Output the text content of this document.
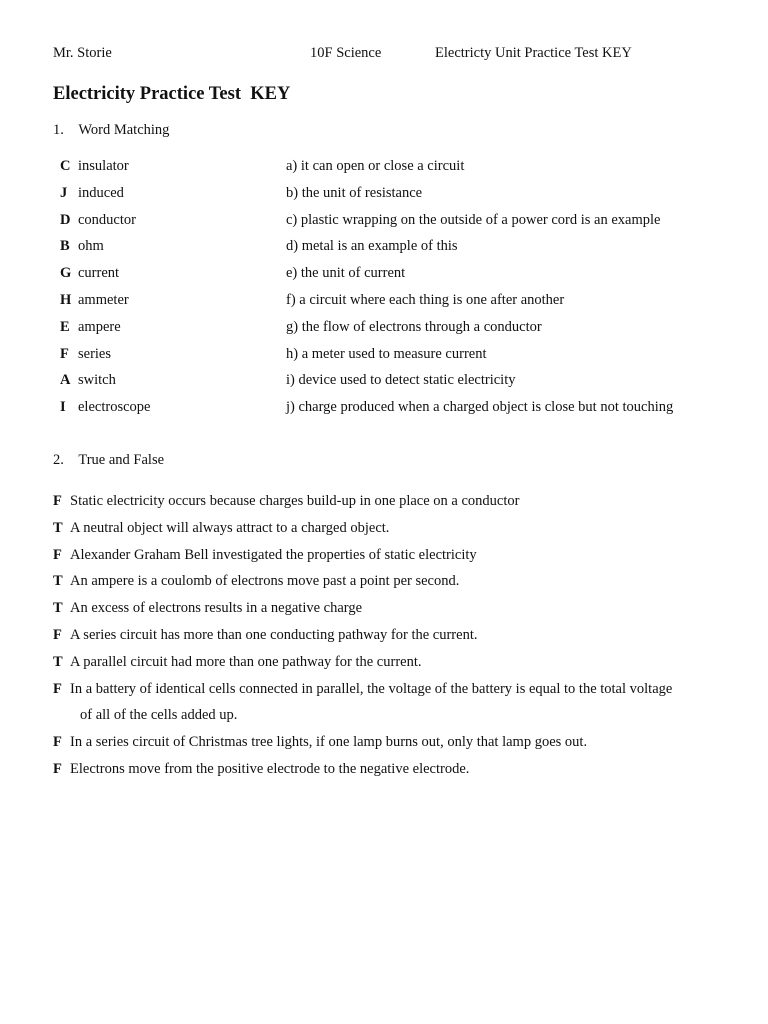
Mr. Storie	10F Science	Electricty Unit Practice Test KEY
Electricity Practice Test  KEY
1. Word Matching
C insulator	a) it can open or close a circuit
J induced	b) the unit of resistance
D conductor	c) plastic wrapping on the outside of a power cord is an example
B ohm	d) metal is an example of this
G current	e) the unit of current
H ammeter	f) a circuit where each thing is one after another
E ampere	g) the flow of electrons through a conductor
F series	h) a meter used to measure current
A switch	i) device used to detect static electricity
I electroscope	j) charge produced when a charged object is close but not touching
2. True and False
F Static electricity occurs because charges build-up in one place on a conductor
T A neutral object will always attract to a charged object.
F Alexander Graham Bell investigated the properties of static electricity
T An ampere is a coulomb of electrons move past a point per second.
T An excess of electrons results in a negative charge
F A series circuit has more than one conducting pathway for the current.
T A parallel circuit had more than one pathway for the current.
F In a battery of identical cells connected in parallel, the voltage of the battery is equal to the total voltage
of all of the cells added up.
F In a series circuit of Christmas tree lights, if one lamp burns out, only that lamp goes out.
F Electrons move from the positive electrode to the negative electrode.
